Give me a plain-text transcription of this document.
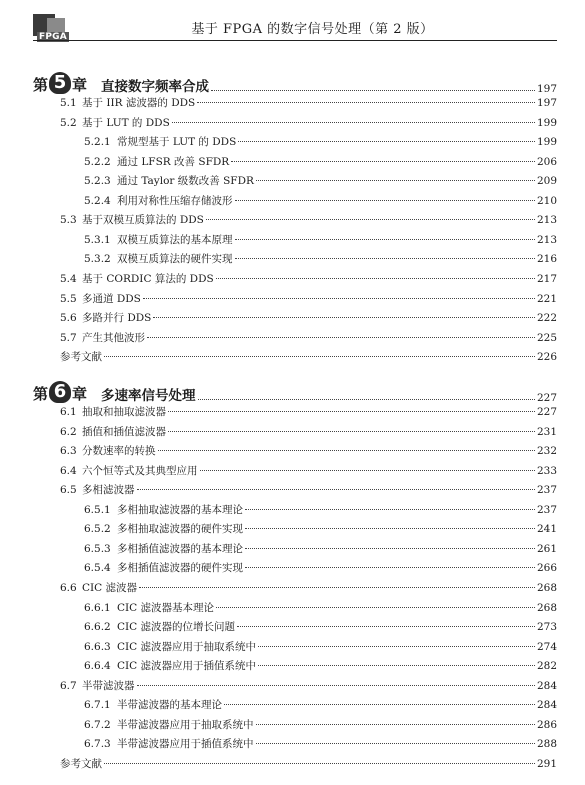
FPGA	基于 FPGA 的数字信号处理（第 2 版）
第 5 章 直接数字频率合成	197
5.1 基于 IIR 滤波器的 DDS	197
5.2 基于 LUT 的 DDS	199
5.2.1 常规型基于 LUT 的 DDS	199
5.2.2 通过 LFSR 改善 SFDR	206
5.2.3 通过 Taylor 级数改善 SFDR	209
5.2.4 利用对称性压缩存储波形	210
5.3 基于双模互质算法的 DDS	213
5.3.1 双模互质算法的基本原理	213
5.3.2 双模互质算法的硬件实现	216
5.4 基于 CORDIC 算法的 DDS	217
5.5 多通道 DDS	221
5.6 多路并行 DDS	222
5.7 产生其他波形	225
参考文献	226
第 6 章 多速率信号处理	227
6.1 抽取和抽取滤波器	227
6.2 插值和插值滤波器	231
6.3 分数速率的转换	232
6.4 六个恒等式及其典型应用	233
6.5 多相滤波器	237
6.5.1 多相抽取滤波器的基本理论	237
6.5.2 多相抽取滤波器的硬件实现	241
6.5.3 多相插值滤波器的基本理论	261
6.5.4 多相插值滤波器的硬件实现	266
6.6 CIC 滤波器	268
6.6.1 CIC 滤波器基本理论	268
6.6.2 CIC 滤波器的位增长问题	273
6.6.3 CIC 滤波器应用于抽取系统中	274
6.6.4 CIC 滤波器应用于插值系统中	282
6.7 半带滤波器	284
6.7.1 半带滤波器的基本理论	284
6.7.2 半带滤波器应用于抽取系统中	286
6.7.3 半带滤波器应用于插值系统中	288
参考文献	291
